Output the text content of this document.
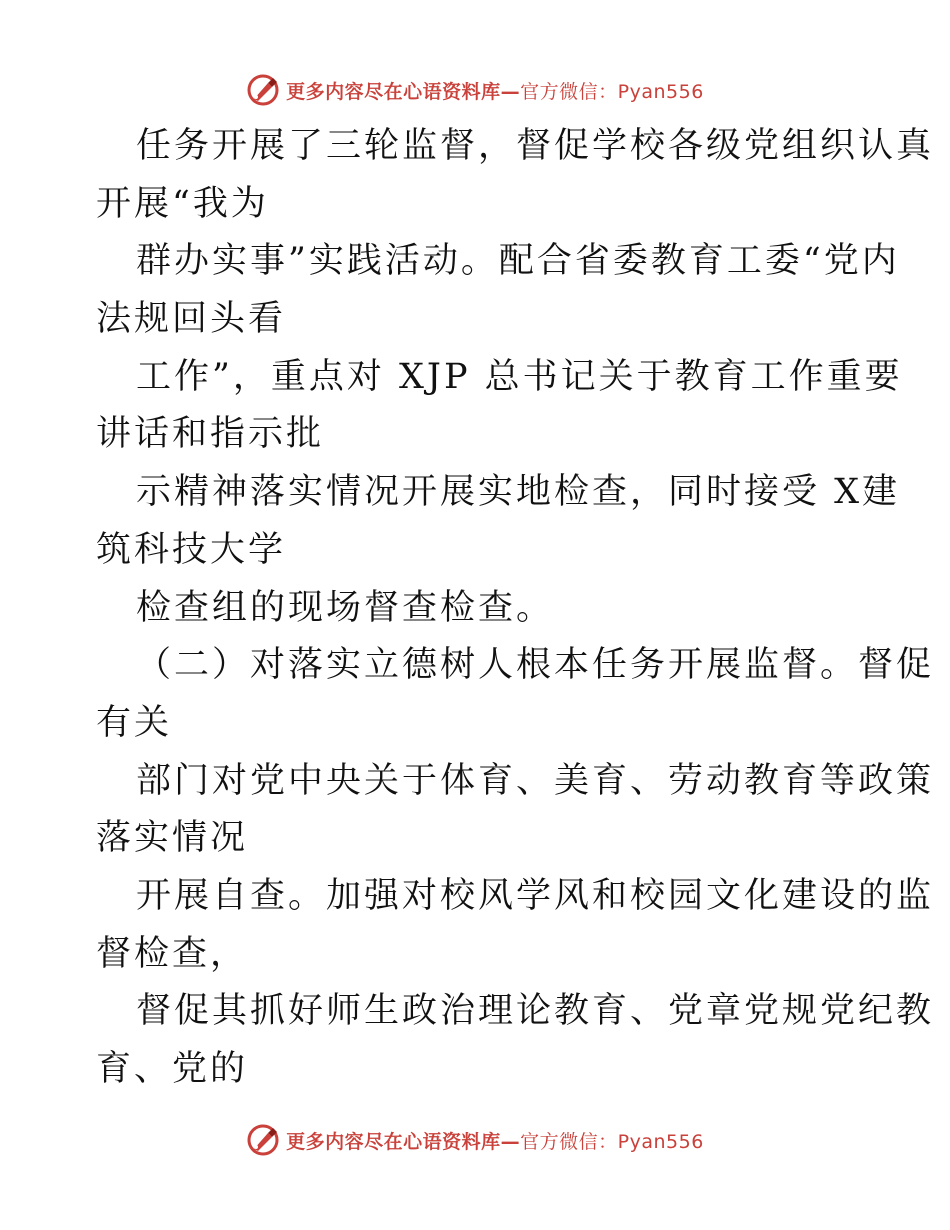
更多内容尽在心语资料库—官方微信：Pyan556
任务开展了三轮监督，督促学校各级党组织认真
开展“我为
群办实事”实践活动。配合省委教育工委“党内
法规回头看
工作”，重点对 XJP 总书记关于教育工作重要
讲话和指示批
示精神落实情况开展实地检查，同时接受 X建
筑科技大学
检查组的现场督查检查。
（二）对落实立德树人根本任务开展监督。督促
有关
部门对党中央关于体育、美育、劳动教育等政策
落实情况
开展自查。加强对校风学风和校园文化建设的监
督检查，
督促其抓好师生政治理论教育、党章党规党纪教
育、党的
更多内容尽在心语资料库—官方微信：Pyan556
